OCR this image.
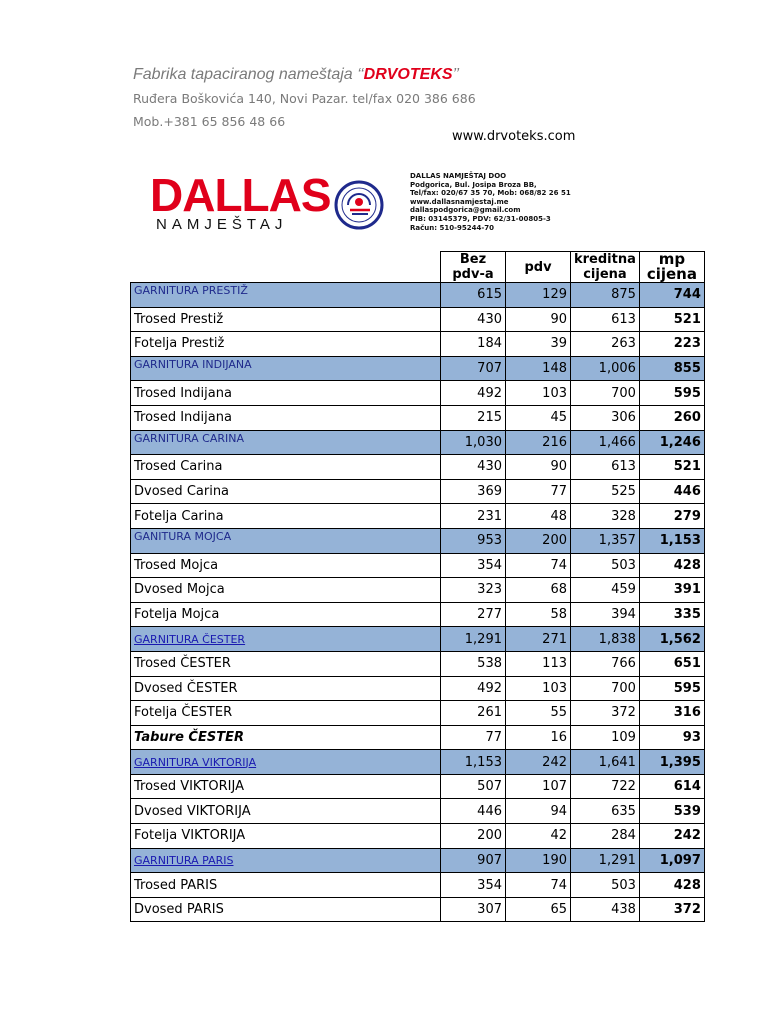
Fabrika tapaciranog nameštaja ‘‘DRVOTEKS’’
Ruđera Boškovića 140, Novi Pazar. tel/fax 020 386 686
Mob.+381 65 856 48 66
www.drvoteks.com
DALLAS
NAMJEŠTAJ
DALLAS NAMJEŠTAJ DOO
Podgorica, Bul. Josipa Broza BB,
Tel/fax: 020/67 35 70, Mob: 068/82 26 51
www.dallasnamjestaj.me
dallaspodgorica@gmail.com
PIB: 03145379, PDV: 62/31-00805-3
Račun: 510-95244-70
	Bez pdv-a	pdv	kreditna cijena	mp cijena
GARNITURA PRESTIŽ	615	129	875	744
Trosed Prestiž	430	90	613	521
Fotelja Prestiž	184	39	263	223
GARNITURA INDIJANA	707	148	1,006	855
Trosed Indijana	492	103	700	595
Trosed Indijana	215	45	306	260
GARNITURA CARINA	1,030	216	1,466	1,246
Trosed Carina	430	90	613	521
Dvosed Carina	369	77	525	446
Fotelja Carina	231	48	328	279
GANITURA MOJCA	953	200	1,357	1,153
Trosed Mojca	354	74	503	428
Dvosed Mojca	323	68	459	391
Fotelja Mojca	277	58	394	335
GARNITURA ČESTER	1,291	271	1,838	1,562
Trosed ČESTER	538	113	766	651
Dvosed ČESTER	492	103	700	595
Fotelja ČESTER	261	55	372	316
Tabure ČESTER	77	16	109	93
GARNITURA VIKTORIJA	1,153	242	1,641	1,395
Trosed VIKTORIJA	507	107	722	614
Dvosed VIKTORIJA	446	94	635	539
Fotelja VIKTORIJA	200	42	284	242
GARNITURA PARIS	907	190	1,291	1,097
Trosed PARIS	354	74	503	428
Dvosed PARIS	307	65	438	372
